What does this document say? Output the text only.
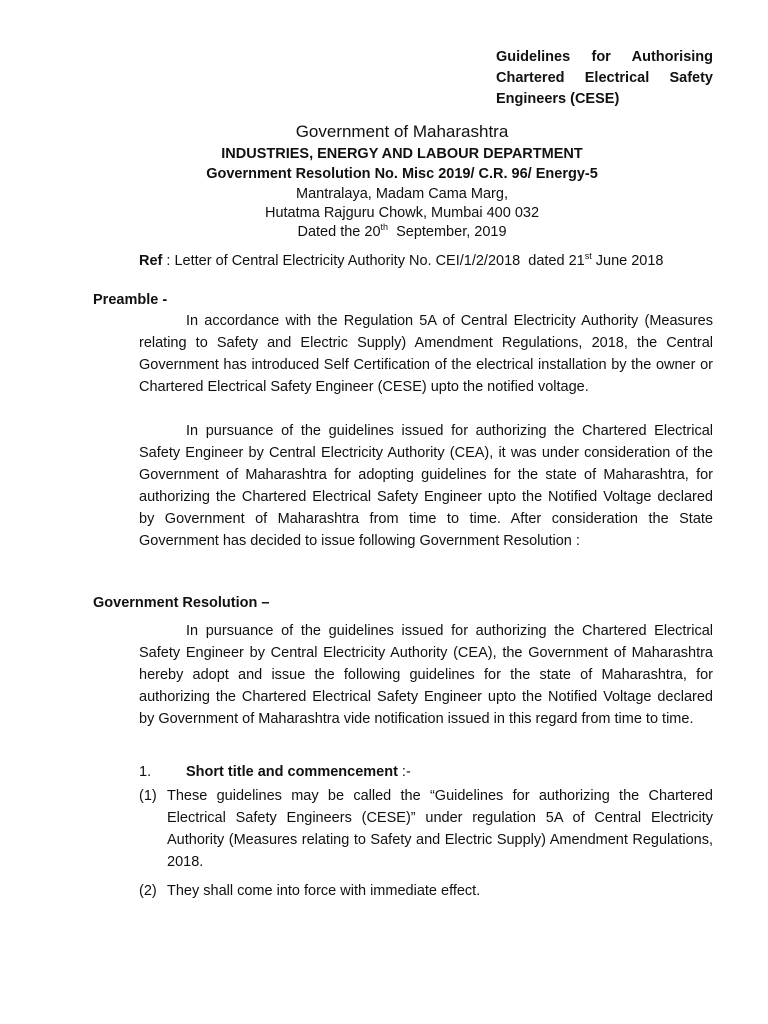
Guidelines for Authorising Chartered Electrical Safety Engineers (CESE)
Government of Maharashtra
INDUSTRIES, ENERGY AND LABOUR DEPARTMENT
Government Resolution No. Misc 2019/ C.R. 96/ Energy-5
Mantralaya, Madam Cama Marg,
Hutatma Rajguru Chowk, Mumbai 400 032
Dated the 20th  September, 2019
Ref : Letter of Central Electricity Authority No. CEI/1/2/2018  dated 21st June 2018
Preamble -

In accordance with the Regulation 5A of Central Electricity Authority (Measures relating to Safety and Electric Supply) Amendment Regulations, 2018, the Central Government has introduced Self Certification of the electrical installation by the owner or Chartered Electrical Safety Engineer (CESE) upto the notified voltage.

In pursuance of the guidelines issued for authorizing the Chartered Electrical Safety Engineer by Central Electricity Authority (CEA), it was under consideration of the Government of Maharashtra for adopting guidelines for the state of Maharashtra, for authorizing the Chartered Electrical Safety Engineer upto the Notified Voltage declared by Government of Maharashtra from time to time. After consideration the State Government has decided to issue following Government Resolution :

Government Resolution –

In pursuance of the guidelines issued for authorizing the Chartered Electrical Safety Engineer by Central Electricity Authority (CEA), the Government of Maharashtra hereby adopt and issue the following guidelines for the state of Maharashtra, for authorizing the Chartered Electrical Safety Engineer upto the Notified Voltage declared by Government of Maharashtra vide notification issued in this regard from time to time.

1. Short title and commencement :-
(1) These guidelines may be called the “Guidelines for authorizing the Chartered Electrical Safety Engineers (CESE)” under regulation 5A of Central Electricity Authority (Measures relating to Safety and Electric Supply) Amendment Regulations, 2018.
(2) They shall come into force with immediate effect.
